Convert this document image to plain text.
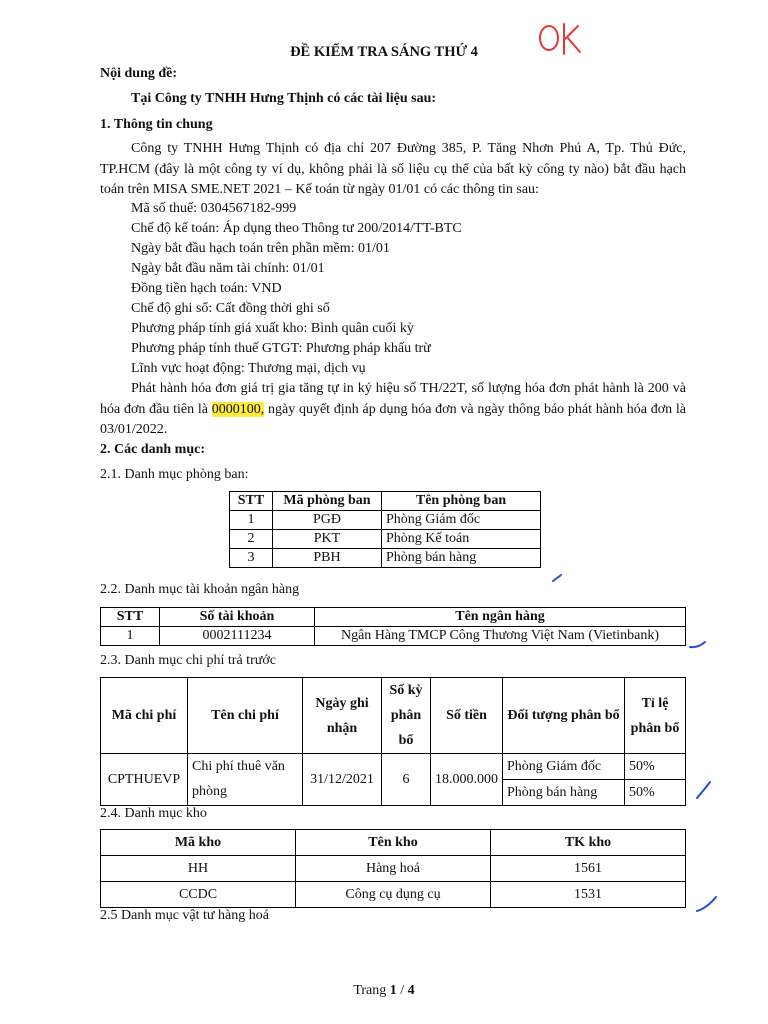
ĐỀ KIỂM TRA SÁNG THỨ 4
Nội dung đề:
Tại Công ty TNHH Hưng Thịnh có các tài liệu sau:
1. Thông tin chung
Công ty TNHH Hưng Thịnh có địa chỉ 207 Đường 385, P. Tăng Nhơn Phú A, Tp. Thủ Đức, TP.HCM (đây là một công ty ví dụ, không phải là số liệu cụ thể của bất kỳ công ty nào) bắt đầu hạch toán trên MISA SME.NET 2021 – Kế toán từ ngày 01/01 có các thông tin sau:
Mã số thuế: 0304567182-999
Chế độ kế toán: Áp dụng theo Thông tư 200/2014/TT-BTC
Ngày bắt đầu hạch toán trên phần mềm: 01/01
Ngày bắt đầu năm tài chính: 01/01
Đồng tiền hạch toán: VND
Chế độ ghi sổ: Cất đồng thời ghi sổ
Phương pháp tính giá xuất kho: Bình quân cuối kỳ
Phương pháp tính thuế GTGT: Phương pháp khấu trừ
Lĩnh vực hoạt động: Thương mại, dịch vụ
Phát hành hóa đơn giá trị gia tăng tự in ký hiệu số TH/22T, số lượng hóa đơn phát hành là 200 và hóa đơn đầu tiên là 0000100, ngày quyết định áp dụng hóa đơn và ngày thông báo phát hành hóa đơn là 03/01/2022.
2. Các danh mục:
2.1. Danh mục phòng ban:
STT	Mã phòng ban	Tên phòng ban
1	PGĐ	Phòng Giám đốc
2	PKT	Phòng Kế toán
3	PBH	Phòng bán hàng
2.2. Danh mục tài khoản ngân hàng
STT	Số tài khoản	Tên ngân hàng
1	0002111234	Ngân Hàng TMCP Công Thương Việt Nam (Vietinbank)
2.3. Danh mục chi phí trả trước
Mã chi phí	Tên chi phí	Ngày ghi nhận	Số kỳ phân bổ	Số tiền	Đối tượng phân bổ	Tỉ lệ phân bổ
CPTHUEVP	Chi phí thuê văn phòng	31/12/2021	6	18.000.000	Phòng Giám đốc	50%
					Phòng bán hàng	50%
2.4. Danh mục kho
Mã kho	Tên kho	TK kho
HH	Hàng hoá	1561
CCDC	Công cụ dụng cụ	1531
2.5 Danh mục vật tư hàng hoá
Trang 1 / 4
